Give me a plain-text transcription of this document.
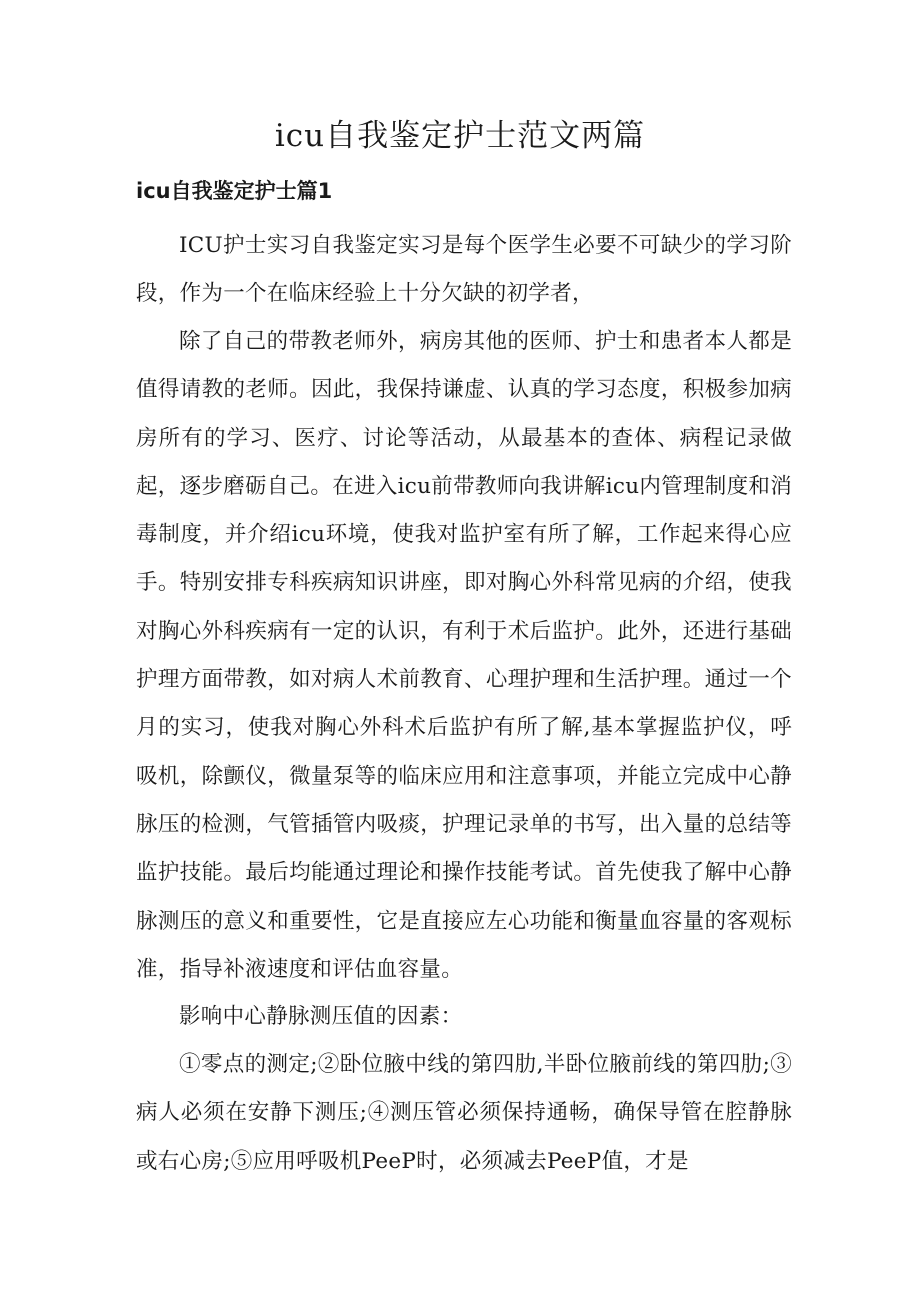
icu自我鉴定护士范文两篇
icu自我鉴定护士篇1

ICU护士实习自我鉴定实习是每个医学生必要不可缺少的学习阶段，作为一个在临床经验上十分欠缺的初学者，

除了自己的带教老师外，病房其他的医师、护士和患者本人都是值得请教的老师。因此，我保持谦虚、认真的学习态度，积极参加病房所有的学习、医疗、讨论等活动，从最基本的查体、病程记录做起，逐步磨砺自己。在进入icu前带教师向我讲解icu内管理制度和消毒制度，并介绍icu环境，使我对监护室有所了解，工作起来得心应手。特别安排专科疾病知识讲座，即对胸心外科常见病的介绍，使我对胸心外科疾病有一定的认识，有利于术后监护。此外，还进行基础护理方面带教，如对病人术前教育、心理护理和生活护理。通过一个月的实习，使我对胸心外科术后监护有所了解,基本掌握监护仪，呼吸机，除颤仪，微量泵等的临床应用和注意事项，并能立完成中心静脉压的检测，气管插管内吸痰，护理记录单的书写，出入量的总结等监护技能。最后均能通过理论和操作技能考试。首先使我了解中心静脉测压的意义和重要性，它是直接应左心功能和衡量血容量的客观标准，指导补液速度和评估血容量。

影响中心静脉测压值的因素：

①零点的测定;②卧位腋中线的第四肋,半卧位腋前线的第四肋;③病人必须在安静下测压;④测压管必须保持通畅，确保导管在腔静脉或右心房;⑤应用呼吸机PeeP时，必须减去PeeP值，才是
